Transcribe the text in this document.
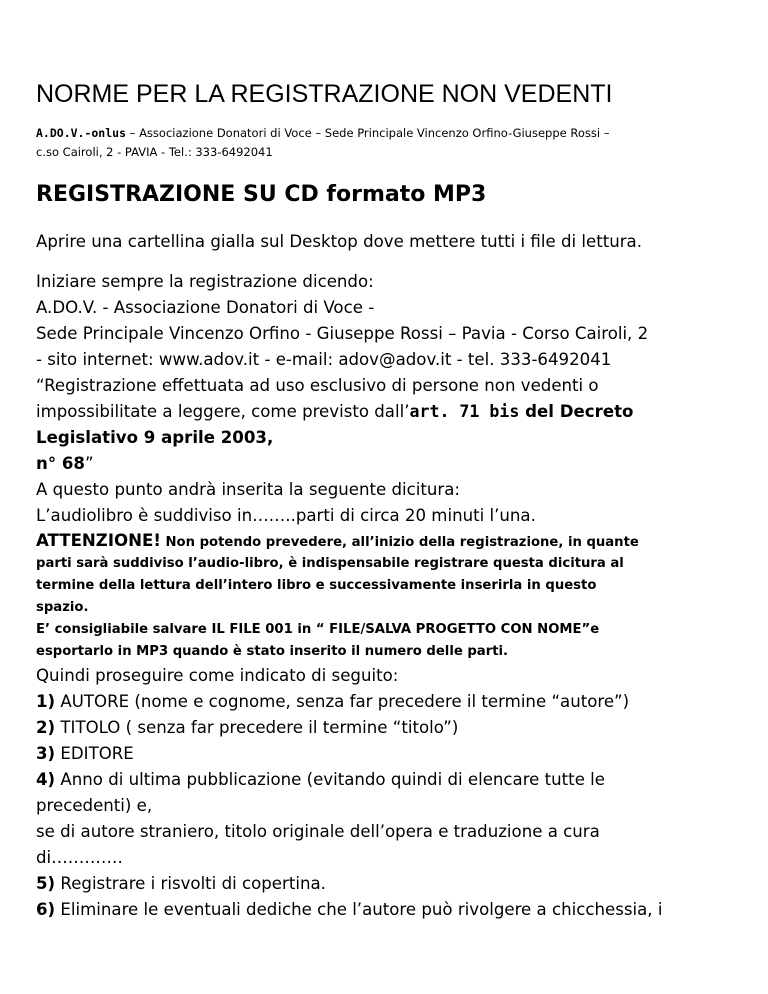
NORME PER LA REGISTRAZIONE NON VEDENTI
A.DO.V.-onlus – Associazione Donatori di Voce – Sede Principale Vincenzo Orfino-Giuseppe Rossi –
c.so Cairoli, 2 - PAVIA - Tel.: 333-6492041
REGISTRAZIONE SU CD formato MP3
Aprire una cartellina gialla sul Desktop dove mettere tutti i file di lettura.
Iniziare sempre la registrazione dicendo:
A.DO.V. - Associazione Donatori di Voce -
Sede Principale Vincenzo Orfino - Giuseppe Rossi – Pavia - Corso Cairoli, 2
- sito internet: www.adov.it - e-mail: adov@adov.it - tel. 333-6492041
“Registrazione effettuata ad uso esclusivo di persone non vedenti o
impossibilitate a leggere, come previsto dall’art. 71 bis del Decreto
Legislativo 9 aprile 2003,
n° 68”
A questo punto andrà inserita la seguente dicitura:
L’audiolibro è suddiviso in……..parti di circa 20 minuti l’una.
ATTENZIONE! Non potendo prevedere, all’inizio della registrazione, in quante
parti sarà suddiviso l’audio-libro, è indispensabile registrare questa dicitura al
termine della lettura dell’intero libro e successivamente inserirla in questo
spazio.
E’ consigliabile salvare IL FILE 001 in “ FILE/SALVA PROGETTO CON NOME”e
esportarlo in MP3 quando è stato inserito il numero delle parti.
Quindi proseguire come indicato di seguito:
1) AUTORE (nome e cognome, senza far precedere il termine “autore”)
2) TITOLO ( senza far precedere il termine “titolo”)
3) EDITORE
4) Anno di ultima pubblicazione (evitando quindi di elencare tutte le
precedenti) e,
se di autore straniero, titolo originale dell’opera e traduzione a cura
di………….
5) Registrare i risvolti di copertina.
6) Eliminare le eventuali dediche che l’autore può rivolgere a chicchessia, i
